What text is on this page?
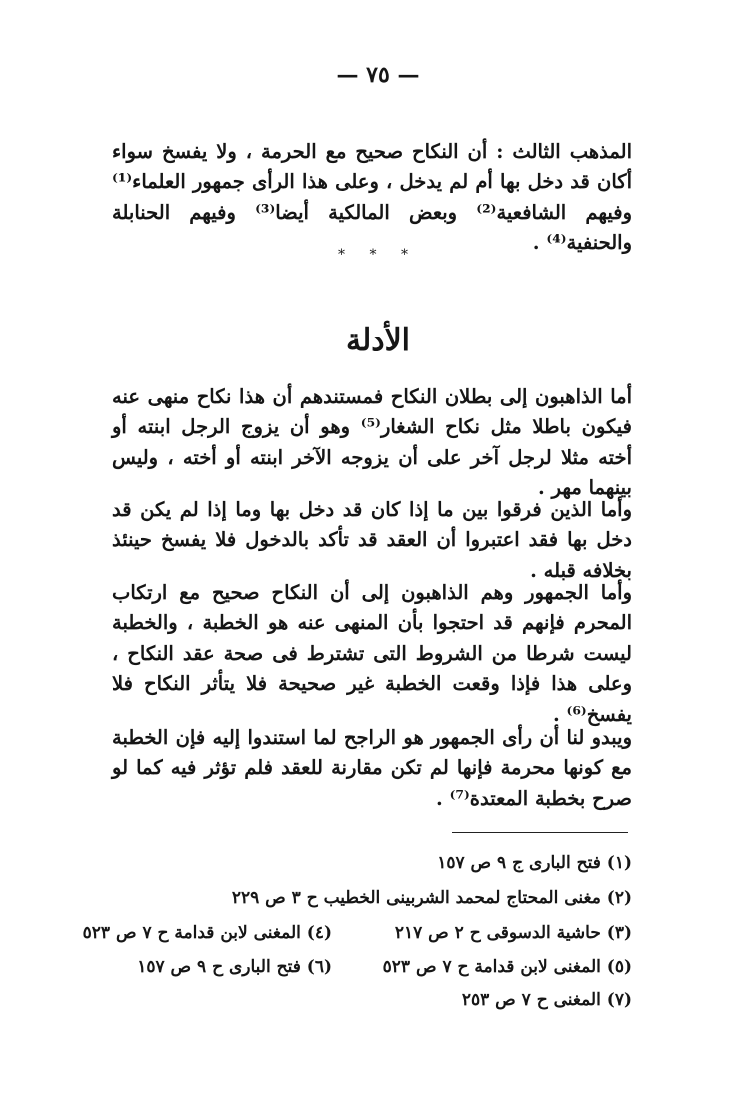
— ٧٥ —

المذهب الثالث : أن النكاح صحيح مع الحرمة ، ولا يفسخ سواء أكان قد دخل بها أم لم يدخل ، وعلى هذا الرأى جمهور العلماء⁽¹⁾ وفيهم الشافعية⁽²⁾ وبعض المالكية أيضا⁽³⁾ وفيهم الحنابلة والحنفية⁽⁴⁾ .

* * *
الأدلة

أما الذاهبون إلى بطلان النكاح فمستندهم أن هذا نكاح منهى عنه فيكون باطلا مثل نكاح الشغار⁽⁵⁾ وهو أن يزوج الرجل ابنته أو أخته مثلا لرجل آخر على أن يزوجه الآخر ابنته أو أخته ، وليس بينهما مهر .

وأما الذين فرقوا بين ما إذا كان قد دخل بها وما إذا لم يكن قد دخل بها فقد اعتبروا أن العقد قد تأكد بالدخول فلا يفسخ حينئذ بخلافه قبله .

وأما الجمهور وهم الذاهبون إلى أن النكاح صحيح مع ارتكاب المحرم فإنهم قد احتجوا بأن المنهى عنه هو الخطبة ، والخطبة ليست شرطا من الشروط التى تشترط فى صحة عقد النكاح ، وعلى هذا فإذا وقعت الخطبة غير صحيحة فلا يتأثر النكاح فلا يفسخ⁽⁶⁾ .

ويبدو لنا أن رأى الجمهور هو الراجح لما استندوا إليه فإن الخطبة مع كونها محرمة فإنها لم تكن مقارنة للعقد فلم تؤثر فيه كما لو صرح بخطبة المعتدة⁽⁷⁾ .

(١) فتح البارى ج ٩ ص ١٥٧
(٢) مغنى المحتاج لمحمد الشربينى الخطيب ح ٣ ص ٢٢٩
(٣) حاشية الدسوقى ح ٢ ص ٢١٧
(٤) المغنى لابن قدامة ح ٧ ص ٥٢٣
(٥) المغنى لابن قدامة ح ٧ ص ٥٢٣
(٦) فتح البارى ح ٩ ص ١٥٧
(٧) المغنى ح ٧ ص ٢٥٣
